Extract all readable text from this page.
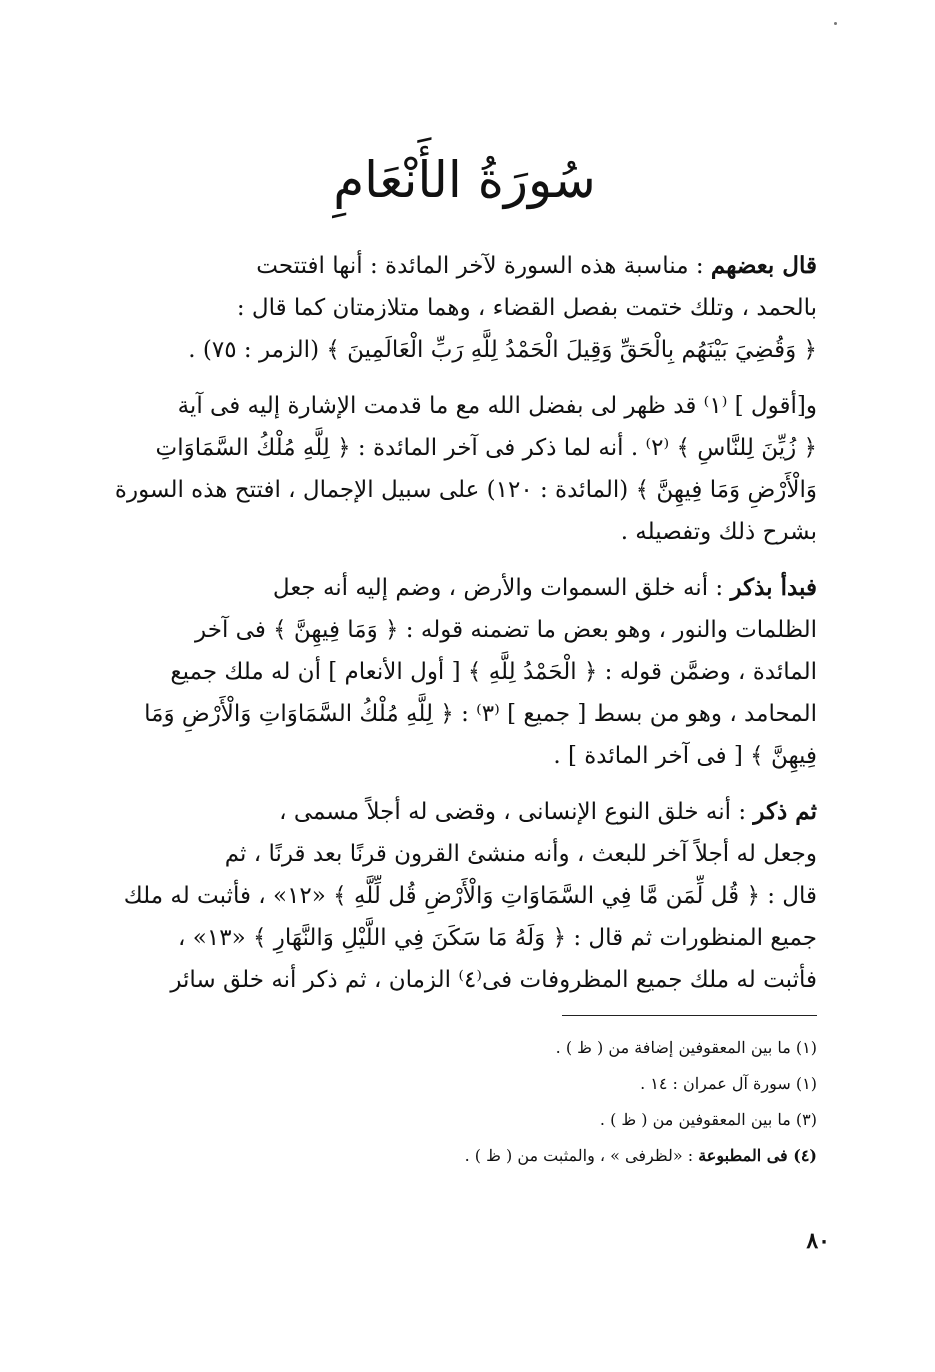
سُورَةُ الأَنْعَامِ

قال بعضهم : مناسبة هذه السورة لآخر المائدة : أنها افتتحت
بالحمد ، وتلك ختمت بفصل القضاء ، وهما متلازمتان كما قال :
﴿ وَقُضِيَ بَيْنَهُم بِالْحَقِّ وَقِيلَ الْحَمْدُ لِلَّهِ رَبِّ الْعَالَمِينَ ﴾ (الزمر : ٧٥) .

و[أقول ] ⁽١⁾ قد ظهر لى بفضل الله مع ما قدمت الإشارة إليه فى آية
﴿ زُيِّنَ لِلنَّاسِ ﴾ ⁽٢⁾ . أنه لما ذكر فى آخر المائدة : ﴿ لِلَّهِ مُلْكُ السَّمَاوَاتِ
وَالْأَرْضِ وَمَا فِيهِنَّ ﴾ (المائدة : ١٢٠) على سبيل الإجمال ، افتتح هذه السورة
بشرح ذلك وتفصيله .

فبدأ بذكر : أنه خلق السموات والأرض ، وضم إليه أنه جعل
الظلمات والنور ، وهو بعض ما تضمنه قوله : ﴿ وَمَا فِيهِنَّ ﴾ فى آخر
المائدة ، وضمَّن قوله : ﴿ الْحَمْدُ لِلَّهِ ﴾ [ أول الأنعام ] أن له ملك جميع
المحامد ، وهو من بسط [ جميع ] ⁽٣⁾ : ﴿ لِلَّهِ مُلْكُ السَّمَاوَاتِ وَالْأَرْضِ وَمَا
فِيهِنَّ ﴾ [ فى آخر المائدة ] .

ثم ذكر : أنه خلق النوع الإنسانى ، وقضى له أجلاً مسمى ،
وجعل له أجلاً آخر للبعث ، وأنه منشئ القرون قرنًا بعد قرنًا ، ثم
قال : ﴿ قُل لِّمَن مَّا فِي السَّمَاوَاتِ وَالْأَرْضِ قُل لِّلَّهِ ﴾ «١٢» ، فأثبت له ملك
جميع المنظورات ثم قال : ﴿ وَلَهُ مَا سَكَنَ فِي اللَّيْلِ وَالنَّهَارِ ﴾ «١٣» ،
فأثبت له ملك جميع المظروفات فى⁽٤⁾ الزمان ، ثم ذكر أنه خلق سائر

(١) ما بين المعقوفين إضافة من ( ظ ) .

(١) سورة آل عمران : ١٤ .

(٣) ما بين المعقوفين من ( ظ ) .

(٤) فى المطبوعة : «لظرفى » ، والمثبت من ( ظ ) .

٨٠
